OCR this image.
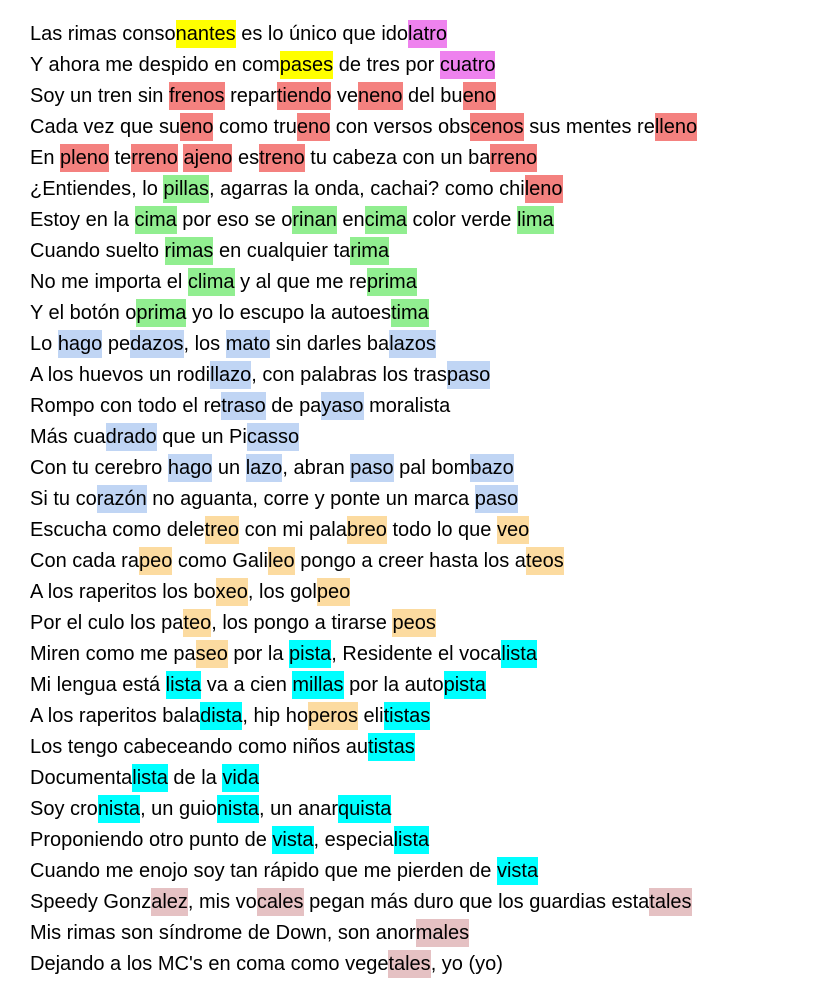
Las rimas consonantes es lo único que idolatro
Y ahora me despido en compases de tres por cuatro
Soy un tren sin frenos repartiendo veneno del bueno
Cada vez que sueno como trueno con versos obscenos sus mentes relleno
En pleno terreno ajeno estreno tu cabeza con un barreno
¿Entiendes, lo pillas, agarras la onda, cachai? como chileno
Estoy en la cima por eso se orinan encima color verde lima
Cuando suelto rimas en cualquier tarima
No me importa el clima y al que me reprima
Y el botón oprima yo lo escupo la autoestima
Lo hago pedazos, los mato sin darles balazos
A los huevos un rodillazo, con palabras los traspaso
Rompo con todo el retraso de payaso moralista
Más cuadrado que un Picasso
Con tu cerebro hago un lazo, abran paso pal bombazo
Si tu corazón no aguanta, corre y ponte un marca paso
Escucha como deletreo con mi palabreo todo lo que veo
Con cada rapeo como Galileo pongo a creer hasta los ateos
A los raperitos los boxeo, los golpeo
Por el culo los pateo, los pongo a tirarse peos
Miren como me paseo por la pista, Residente el vocalista
Mi lengua está lista va a cien millas por la autopista
A los raperitos baladista, hip hoperos elitistas
Los tengo cabeceando como niños autistas
Documentalista de la vida
Soy cronista, un guionista, un anarquista
Proponiendo otro punto de vista, especialista
Cuando me enojo soy tan rápido que me pierden de vista
Speedy Gonzalez, mis vocales pegan más duro que los guardias estatales
Mis rimas son síndrome de Down, son anormales
Dejando a los MC's en coma como vegetales, yo (yo)
